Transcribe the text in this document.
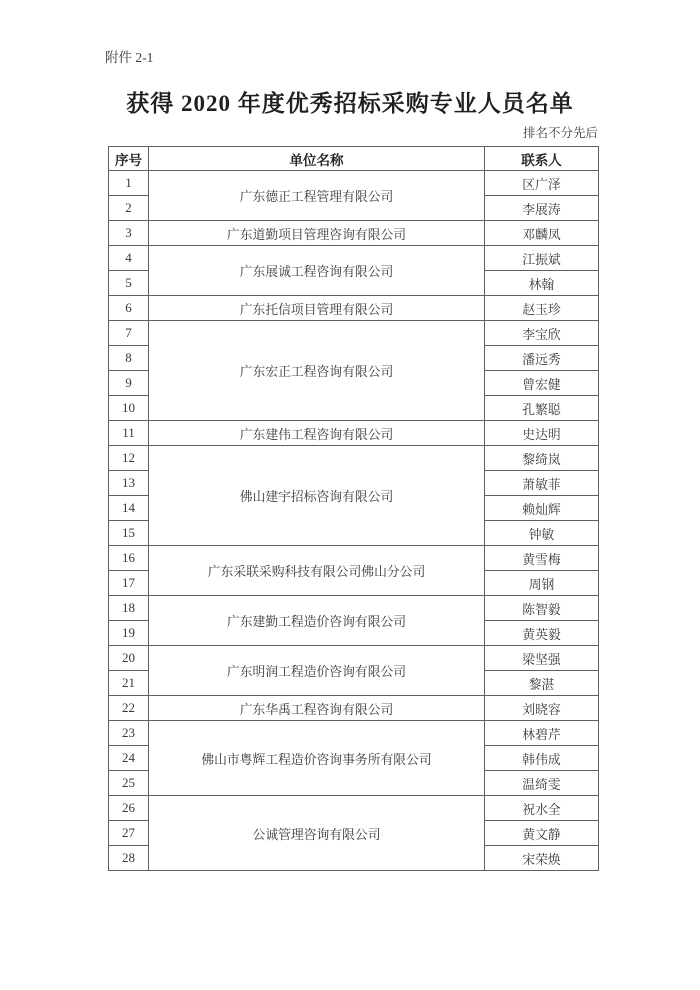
附件 2-1
获得 2020 年度优秀招标采购专业人员名单
排名不分先后
序号	单位名称	联系人
1	广东德正工程管理有限公司	区广泽
2		李展涛
3	广东道勤项目管理咨询有限公司	邓麟凤
4	广东展诚工程咨询有限公司	江振斌
5		林翰
6	广东托信项目管理有限公司	赵玉珍
7	广东宏正工程咨询有限公司	李宝欣
8		潘远秀
9		曾宏健
10		孔繁聪
11	广东建伟工程咨询有限公司	史达明
12	佛山建宇招标咨询有限公司	黎绮岚
13		萧敏菲
14		赖灿辉
15		钟敏
16	广东采联采购科技有限公司佛山分公司	黄雪梅
17		周钢
18	广东建勤工程造价咨询有限公司	陈智毅
19		黄英毅
20	广东明润工程造价咨询有限公司	梁坚强
21		黎湛
22	广东华禹工程咨询有限公司	刘晓容
23	佛山市粤辉工程造价咨询事务所有限公司	林碧芹
24		韩伟成
25		温绮雯
26	公诚管理咨询有限公司	祝水全
27		黄文静
28		宋荣焕
